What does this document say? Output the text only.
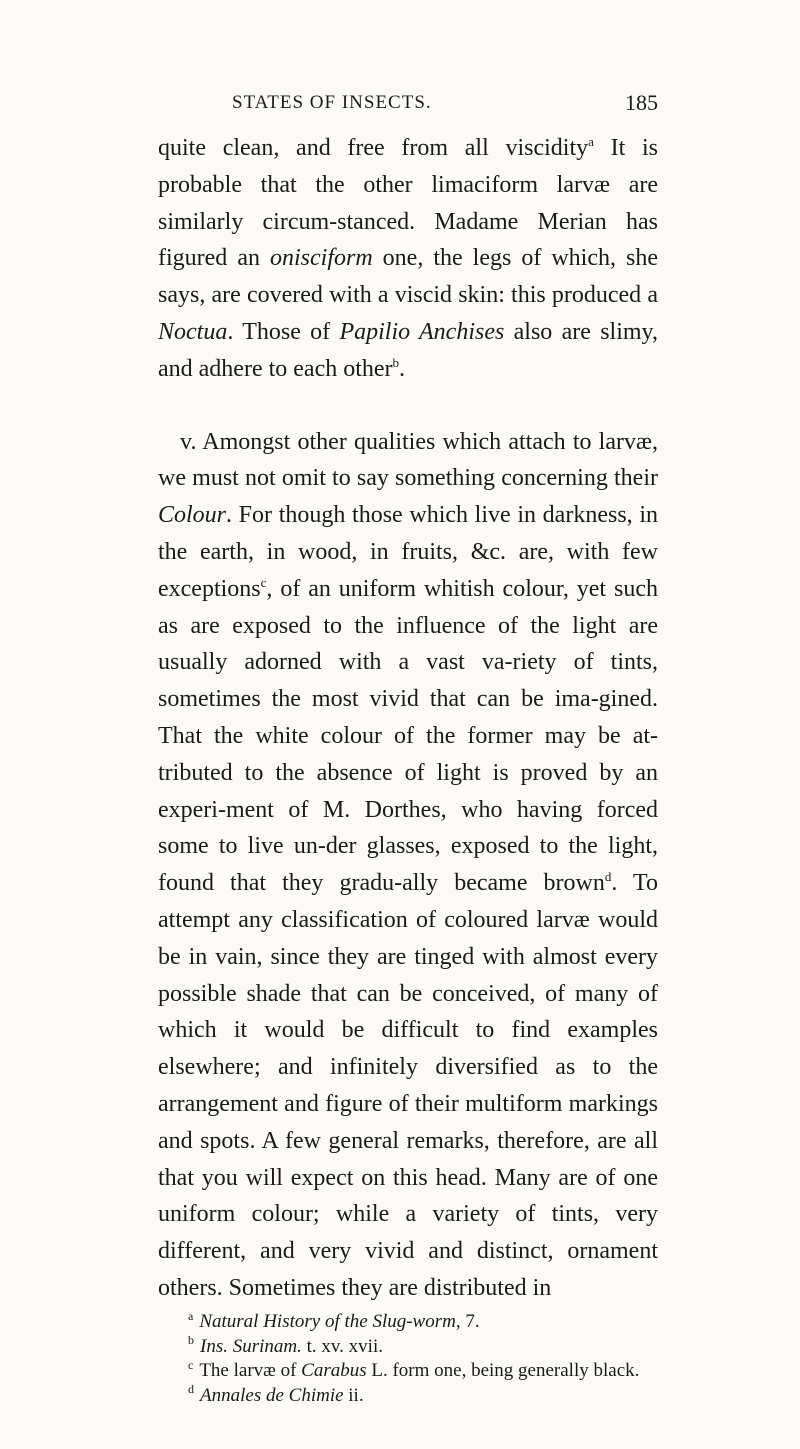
STATES OF INSECTS.	185

quite clean, and free from all viscidity$^a$ It is probable that the other limaciform larvæ are similarly circum-stanced. Madame Merian has figured an onisciform one, the legs of which, she says, are covered with a viscid skin: this produced a Noctua. Those of Papilio Anchises also are slimy, and adhere to each other$^b$.

v. Amongst other qualities which attach to larvæ, we must not omit to say something concerning their Colour. For though those which live in darkness, in the earth, in wood, in fruits, &c. are, with few exceptions$^c$, of an uniform whitish colour, yet such as are exposed to the influence of the light are usually adorned with a vast va-riety of tints, sometimes the most vivid that can be ima-gined. That the white colour of the former may be at-tributed to the absence of light is proved by an experi-ment of M. Dorthes, who having forced some to live un-der glasses, exposed to the light, found that they gradu-ally became brown$^d$. To attempt any classification of coloured larvæ would be in vain, since they are tinged with almost every possible shade that can be conceived, of many of which it would be difficult to find examples elsewhere; and infinitely diversified as to the arrangement and figure of their multiform markings and spots. A few general remarks, therefore, are all that you will expect on this head. Many are of one uniform colour; while a variety of tints, very different, and very vivid and distinct, ornament others. Sometimes they are distributed in

$^a$ Natural History of the Slug-worm, 7.
$^b$ Ins. Surinam. t. xv. xvii.
$^c$ The larvæ of Carabus L. form one, being generally black.
$^d$ Annales de Chimie ii.
